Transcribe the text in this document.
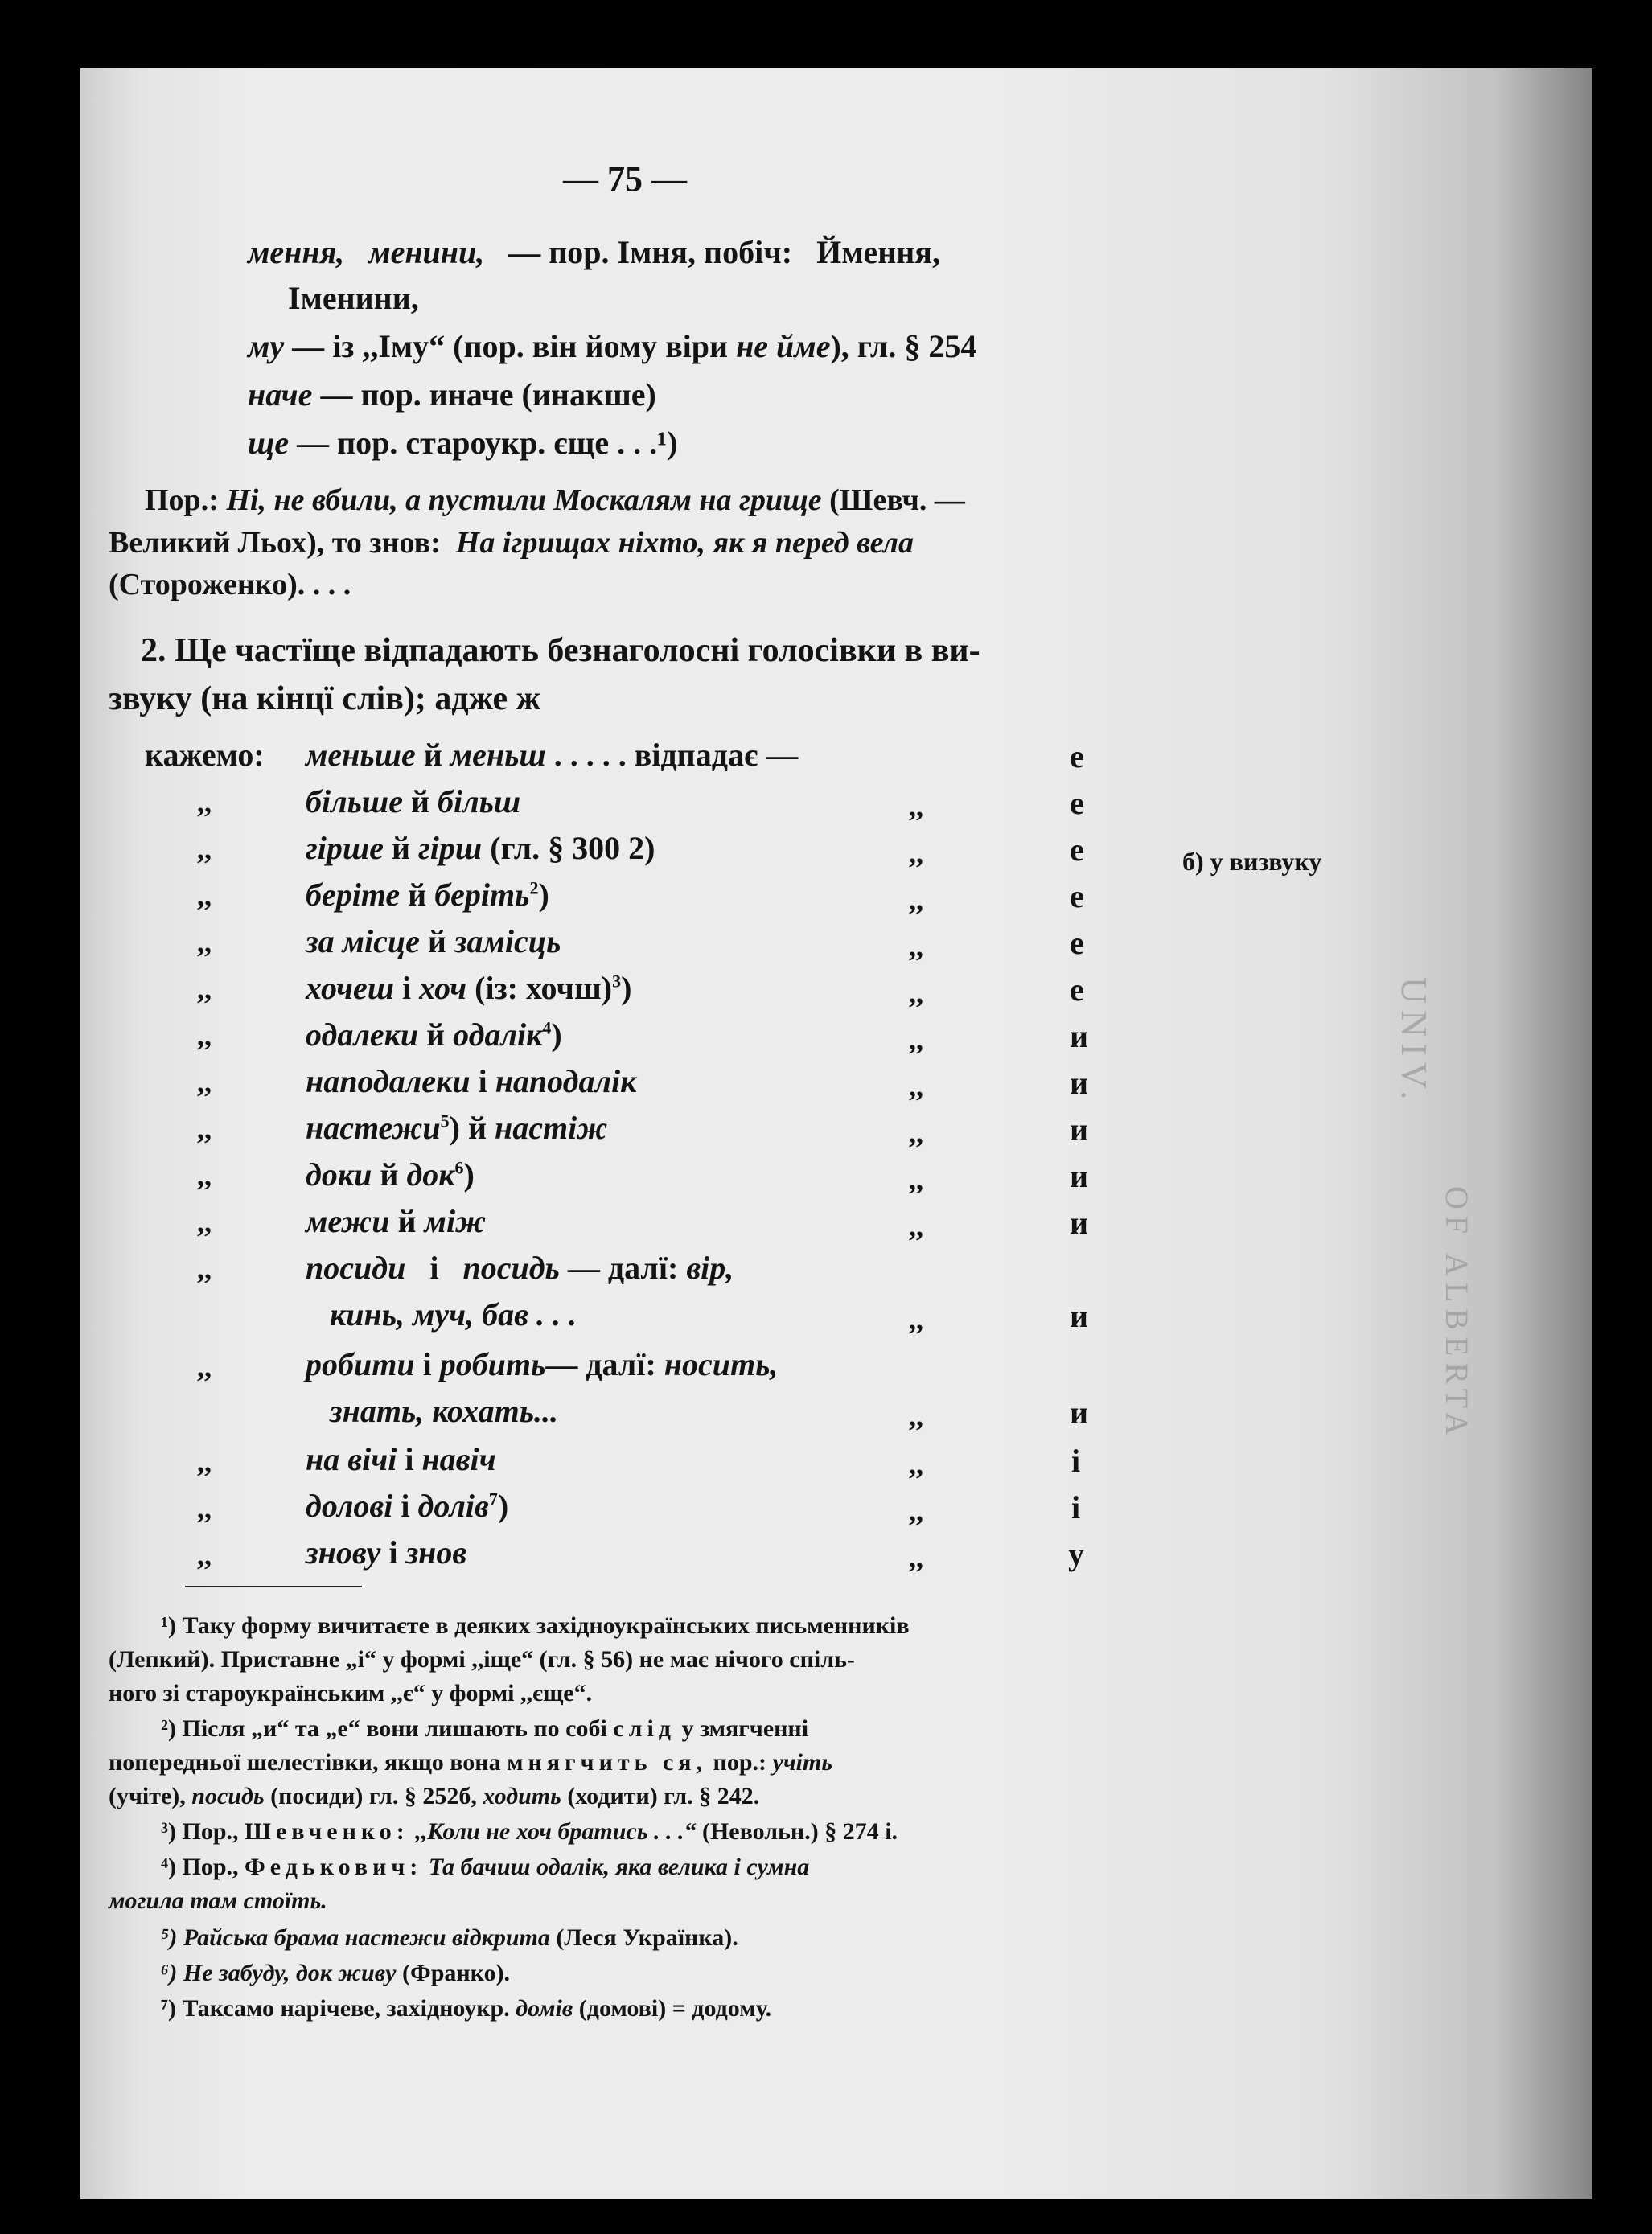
— 75 —
мення, менини, — пор. Імня, побіч: Ймення,
Іменини,
му — із ,,Іму“ (пор. він йому віри не йме), гл. § 254
наче — пор. иначе (инакше)
ще — пор. староукр. єще . . .¹)
Пор.: Ні, не вбили, а пустили Москалям на грище (Шевч. —
Великий Льох), то знов: На ігрищах ніхто, як я перед вела
(Стороженко). . . .
2. Ще частїще відпадають безнаголосні голосівки в ви-
звуку (на кінцї слів); адже ж
кажемо: меньше й меньш . . . . . відпадає —	е
,,	більше й більш	,,	е
,,	гірше й гірш (гл. § 300 2)	,,	е
,,	беріте й беріть$^2$)	,,	е
,,	за місце й замісць	,,	е
,,	хочеш і хоч (із: хочш)$^3$)	,,	е
,,	одалеки й одалік$^4$)	,,	и
,,	наподалеки і наподалік	,,	и
,,	настежи$^5$) й настіж	,,	и
,,	доки й док$^6$)	,,	и
,,	межи й між	,,	и
,,	посиди і посидь — далї: вір,
кинь, муч, бав . . .	,,	и
,,	робити і робить— далї: носить,
знать, кохать...	,,	и
,,	на вічі і навіч	,,	і
,,	долові і долів$^7$)	,,	і
,,	знову і знов	,,	у
б) у визвуку
UNIV.
OF ALBERTA
¹) Таку форму вичитаєте в деяких західноукраїнських письменників
(Лепкий). Приставне „і“ у формі ,,іще“ (гл. § 56) не має нічого спіль-
ного зі староукраїнським ,,є“ у формі ,,єще“.
²) Після „и“ та „е“ вони лишають по собі слід у змягченні
попередньої шелестівки, якщо вона мнягчить ся, пор.: учіть
(учіте), посидь (посиди) гл. § 252б, ходить (ходити) гл. § 242.
³) Пор., Шевченко: ,,Коли не хоч братись . . .“ (Невольн.) § 274 і.
⁴) Пор., Федькович: Та бачиш одалік, яка велика і сумна
могила там стоїть.
⁵) Райська брама настежи відкрита (Леся Українка).
⁶) Не забуду, док живу (Франко).
⁷) Таксамо нарічеве, західноукр. домів (домові) = додому.
